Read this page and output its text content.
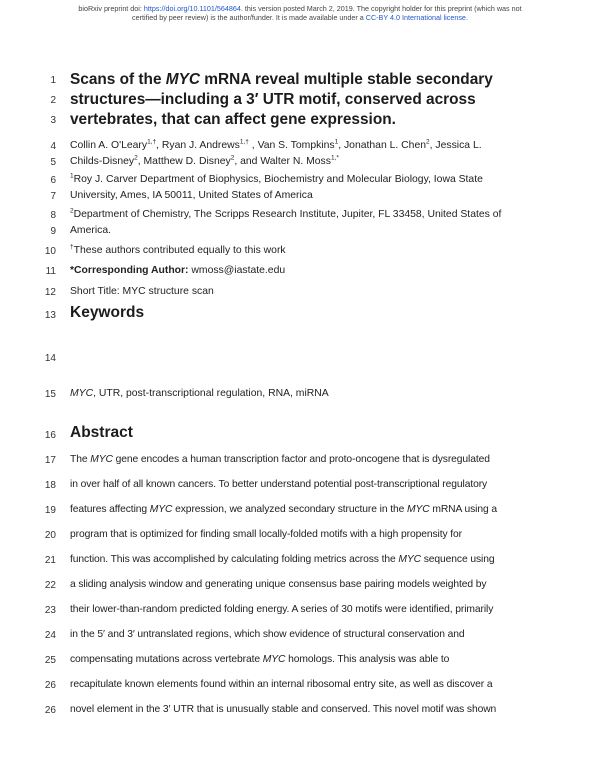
bioRxiv preprint doi: https://doi.org/10.1101/564864. this version posted March 2, 2019. The copyright holder for this preprint (which was not
certified by peer review) is the author/funder. It is made available under a CC-BY 4.0 International license.
1
2
3
4
5
6
7
8
9
10
11
12
13
14
15
16
17
18
19
20
21
22
23
24
25
26
Scans of the MYC mRNA reveal multiple stable secondary
structures—including a 3′ UTR motif, conserved across
vertebrates, that can affect gene expression.
Collin A. O'Leary$^{1,\dagger}$, Ryan J. Andrews$^{1,\dagger}$ , Van S. Tompkins$^1$, Jonathan L. Chen$^2$, Jessica L.
Childs-Disney$^2$, Matthew D. Disney$^2$, and Walter N. Moss$^{1,*}$
$^1$Roy J. Carver Department of Biophysics, Biochemistry and Molecular Biology, Iowa State
University, Ames, IA 50011, United States of America
$^2$Department of Chemistry, The Scripps Research Institute, Jupiter, FL 33458, United States of
America.
†These authors contributed equally to this work
*Corresponding Author: wmoss@iastate.edu
Short Title: MYC structure scan
Keywords
MYC, UTR, post-transcriptional regulation, RNA, miRNA
Abstract
The MYC gene encodes a human transcription factor and proto-oncogene that is dysregulated
in over half of all known cancers. To better understand potential post-transcriptional regulatory
features affecting MYC expression, we analyzed secondary structure in the MYC mRNA using a
program that is optimized for finding small locally-folded motifs with a high propensity for
function. This was accomplished by calculating folding metrics across the MYC sequence using
a sliding analysis window and generating unique consensus base pairing models weighted by
their lower-than-random predicted folding energy. A series of 30 motifs were identified, primarily
in the 5′ and 3′ untranslated regions, which show evidence of structural conservation and
compensating mutations across vertebrate MYC homologs. This analysis was able to
recapitulate known elements found within an internal ribosomal entry site, as well as discover a
novel element in the 3′ UTR that is unusually stable and conserved. This novel motif was shown
26
